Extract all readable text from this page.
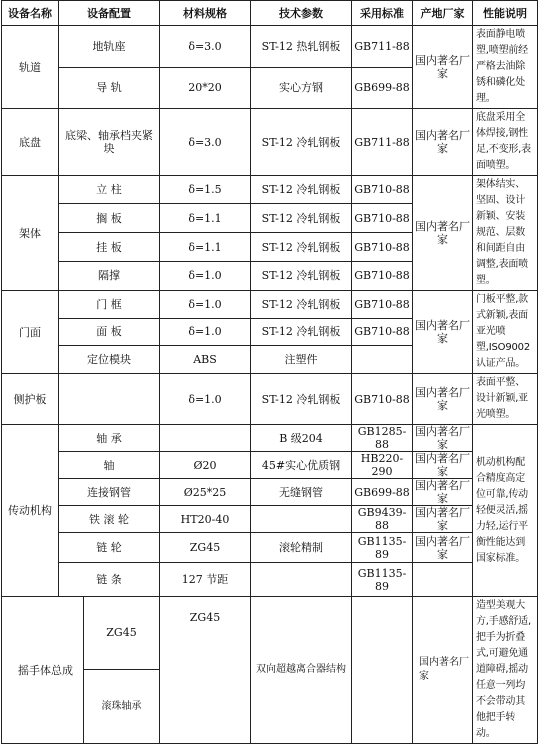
设备名称	设备配置		材料规格	技术参数	采用标准	产地厂家	性能说明
轨道	地轨座		δ=3.0	ST-12 热轧钢板	GB711-88	国内著名厂家	表面静电喷塑,喷塑前经严格去油除锈和磷化处理。
	导 轨		20*20	实心方钢	GB699-88		
底盘	底梁、轴承档夹紧块		δ=3.0	ST-12 冷轧钢板	GB711-88	国内著名厂家	底盘采用全体焊接,钢性足,不变形,表面喷塑。
架体	立 柱		δ=1.5	ST-12 冷轧钢板	GB710-88	国内著名厂家	架体结实、坚固、设计新颖、安装规范、层数和间距自由调整,表面喷塑。
	搁 板		δ=1.1	ST-12 冷轧钢板	GB710-88		
	挂 板		δ=1.1	ST-12 冷轧钢板	GB710-88		
	隔撑		δ=1.0	ST-12 冷轧钢板	GB710-88		
门面	门 框		δ=1.0	ST-12 冷轧钢板	GB710-88	国内著名厂家	门板平整,款式新颖,表面亚光喷塑,ISO9002 认证产品。
	面 板		δ=1.0	ST-12 冷轧钢板	GB710-88		
	定位模块		ABS	注塑件			
侧护板			δ=1.0	ST-12 冷轧钢板	GB710-88	国内著名厂家	表面平整、设计新颖,亚光喷塑。
传动机构	轴 承			B 级204	GB1285-88	国内著名厂家	机动机构配合精度高定位可靠,传动轻便灵活,摇力轻,运行平衡性能达到国家标准。
	轴		Ø20	45#实心优质钢	HB220-290	国内著名厂家	
	连接钢管		Ø25*25	无缝钢管	GB699-88	国内著名厂家	
	铁 滚 轮		HT20-40		GB9439-88	国内著名厂家	
	链 轮		ZG45	滚轮精制	GB1135-89	国内著名厂家	
	链 条		127 节距		GB1135-89		
摇手体总成		ZG45	ZG45	双向超越离合器结构		国内著名厂家	造型美观大方,手感舒适,把手为折叠式,可避免通道障碍,摇动任意一列均不会带动其他把手转动。
		滚珠轴承					
